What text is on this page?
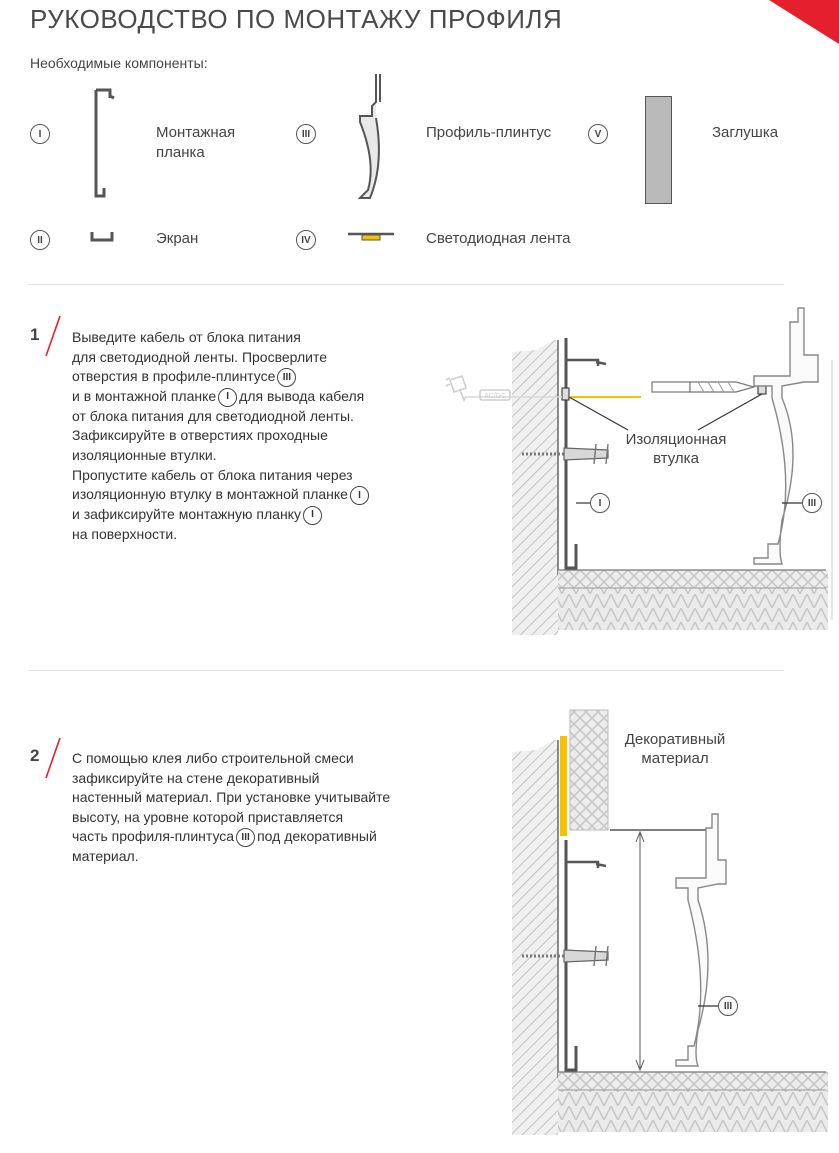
РУКОВОДСТВО ПО МОНТАЖУ ПРОФИЛЯ
Необходимые компоненты:
I	Монтажная
планка
III	Профиль-плинтус	V	Заглушка
II	Экран	IV	Светодиодная лента
1 Выведите кабель от блока питания

для светодиодной ленты. Просверлите

отверстия в профиле-плинтусе III

и в монтажной планке I для вывода кабеля

от блока питания для светодиодной ленты.

Зафиксируйте в отверстиях проходные

изоляционные втулки.

Пропустите кабель от блока питания через

изоляционную втулку в монтажной планке I

и зафиксируйте монтажную планку I

на поверхности.

AC/DC
I	III
Изоляционная
втулка
2 С помощью клея либо строительной смеси

зафиксируйте на стене декоративный

настенный материал. При установке учитывайте

высоту, на уровне которой приставляется

часть профиля-плинтуса III под декоративный

материал.

III
Декоративный
материал
